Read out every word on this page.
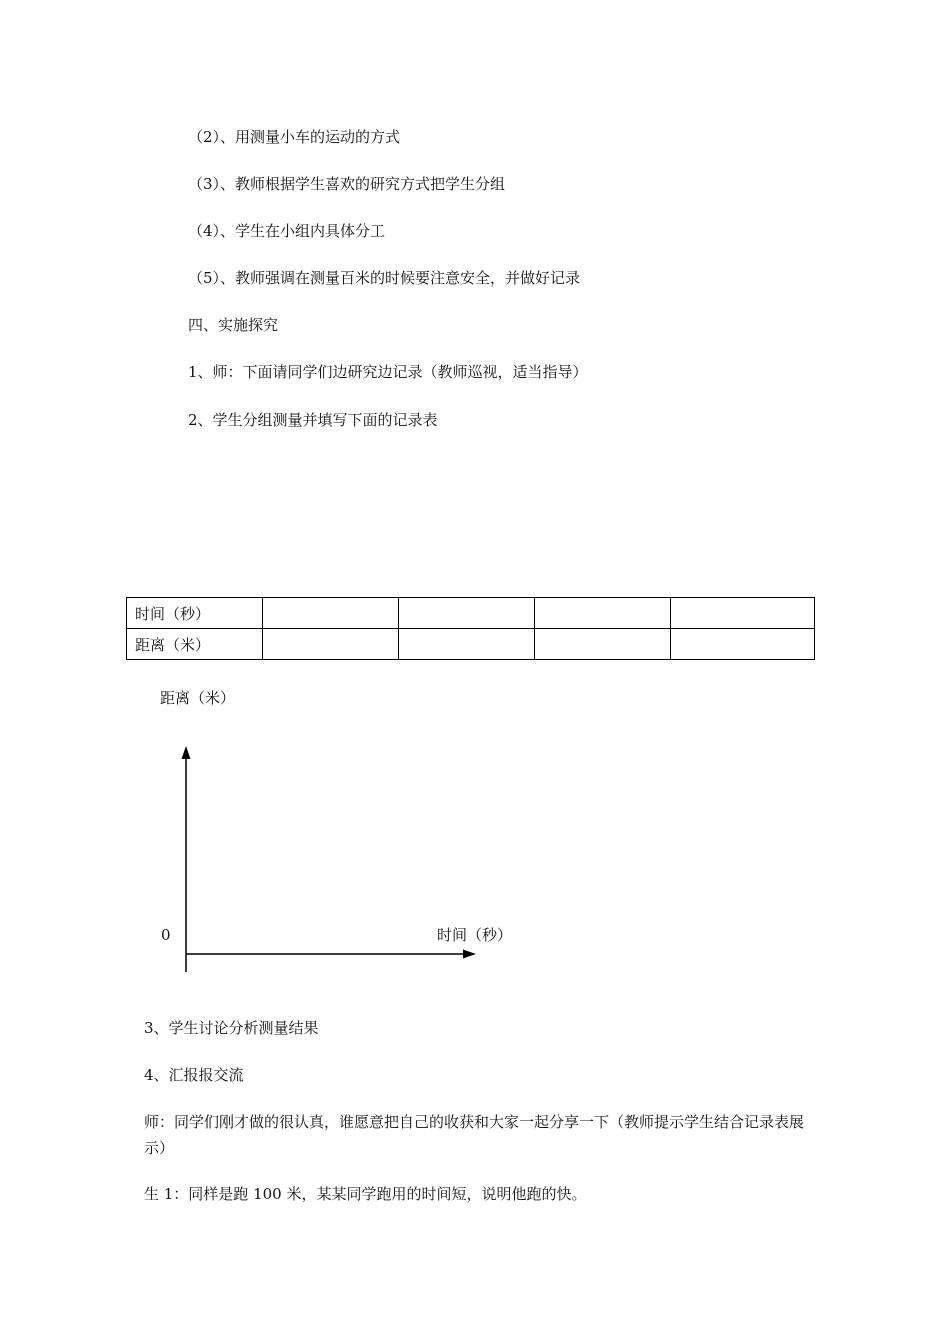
（2）、用测量小车的运动的方式
（3）、教师根据学生喜欢的研究方式把学生分组
（4）、学生在小组内具体分工
（5）、教师强调在测量百米的时候要注意安全，并做好记录
四、实施探究
1、师：下面请同学们边研究边记录（教师巡视，适当指导）
2、学生分组测量并填写下面的记录表
时间（秒）				
距离（米）				
距离（米）
0	时间（秒）
3、学生讨论分析测量结果
4、汇报报交流
师：同学们刚才做的很认真，谁愿意把自己的收获和大家一起分享一下（教师提示学生结合记录表展示）
生 1：同样是跑 100 米，某某同学跑用的时间短，说明他跑的快。
